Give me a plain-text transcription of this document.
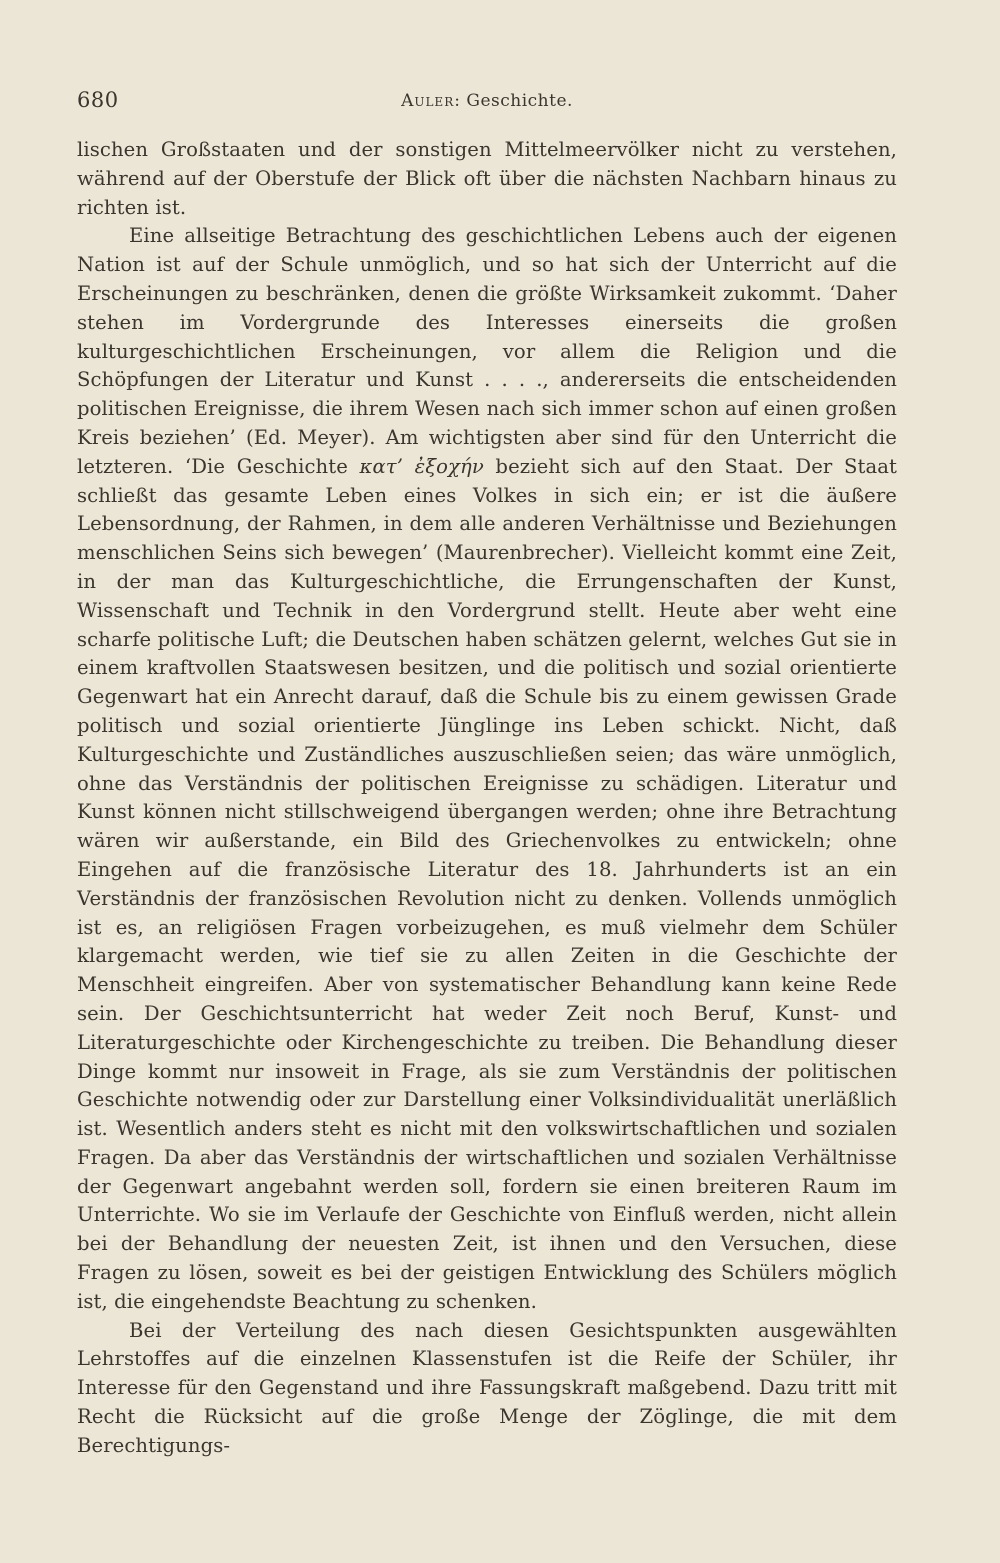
680	Auler: Geschichte.

lischen Großstaaten und der sonstigen Mittelmeervölker nicht zu verstehen, während auf der Oberstufe der Blick oft über die nächsten Nachbarn hinaus zu richten ist.

Eine allseitige Betrachtung des geschichtlichen Lebens auch der eigenen Nation ist auf der Schule unmöglich, und so hat sich der Unterricht auf die Erscheinungen zu beschränken, denen die größte Wirksamkeit zukommt. ‘Daher stehen im Vordergrunde des Interesses einerseits die großen kulturgeschichtlichen Erscheinungen, vor allem die Religion und die Schöpfungen der Literatur und Kunst . . . ., andererseits die entscheidenden politischen Ereignisse, die ihrem Wesen nach sich immer schon auf einen großen Kreis beziehen’ (Ed. Meyer). Am wichtigsten aber sind für den Unterricht die letzteren. ‘Die Geschichte κατ’ ἐξοχήν bezieht sich auf den Staat. Der Staat schließt das gesamte Leben eines Volkes in sich ein; er ist die äußere Lebensordnung, der Rahmen, in dem alle anderen Verhältnisse und Beziehungen menschlichen Seins sich bewegen’ (Maurenbrecher). Vielleicht kommt eine Zeit, in der man das Kulturgeschichtliche, die Errungenschaften der Kunst, Wissenschaft und Technik in den Vordergrund stellt. Heute aber weht eine scharfe politische Luft; die Deutschen haben schätzen gelernt, welches Gut sie in einem kraftvollen Staatswesen besitzen, und die politisch und sozial orientierte Gegenwart hat ein Anrecht darauf, daß die Schule bis zu einem gewissen Grade politisch und sozial orientierte Jünglinge ins Leben schickt. Nicht, daß Kulturgeschichte und Zuständliches auszuschließen seien; das wäre unmöglich, ohne das Verständnis der politischen Ereignisse zu schädigen. Literatur und Kunst können nicht stillschweigend übergangen werden; ohne ihre Betrachtung wären wir außerstande, ein Bild des Griechenvolkes zu entwickeln; ohne Eingehen auf die französische Literatur des 18. Jahrhunderts ist an ein Verständnis der französischen Revolution nicht zu denken. Vollends unmöglich ist es, an religiösen Fragen vorbeizugehen, es muß vielmehr dem Schüler klargemacht werden, wie tief sie zu allen Zeiten in die Geschichte der Menschheit eingreifen. Aber von systematischer Behandlung kann keine Rede sein. Der Geschichtsunterricht hat weder Zeit noch Beruf, Kunst- und Literaturgeschichte oder Kirchengeschichte zu treiben. Die Behandlung dieser Dinge kommt nur insoweit in Frage, als sie zum Verständnis der politischen Geschichte notwendig oder zur Darstellung einer Volksindividualität unerläßlich ist. Wesentlich anders steht es nicht mit den volkswirtschaftlichen und sozialen Fragen. Da aber das Verständnis der wirtschaftlichen und sozialen Verhältnisse der Gegenwart angebahnt werden soll, fordern sie einen breiteren Raum im Unterrichte. Wo sie im Verlaufe der Geschichte von Einfluß werden, nicht allein bei der Behandlung der neuesten Zeit, ist ihnen und den Versuchen, diese Fragen zu lösen, soweit es bei der geistigen Entwicklung des Schülers möglich ist, die eingehendste Beachtung zu schenken.

Bei der Verteilung des nach diesen Gesichtspunkten ausgewählten Lehrstoffes auf die einzelnen Klassenstufen ist die Reife der Schüler, ihr Interesse für den Gegenstand und ihre Fassungskraft maßgebend. Dazu tritt mit Recht die Rücksicht auf die große Menge der Zöglinge, die mit dem Berechtigungs-
